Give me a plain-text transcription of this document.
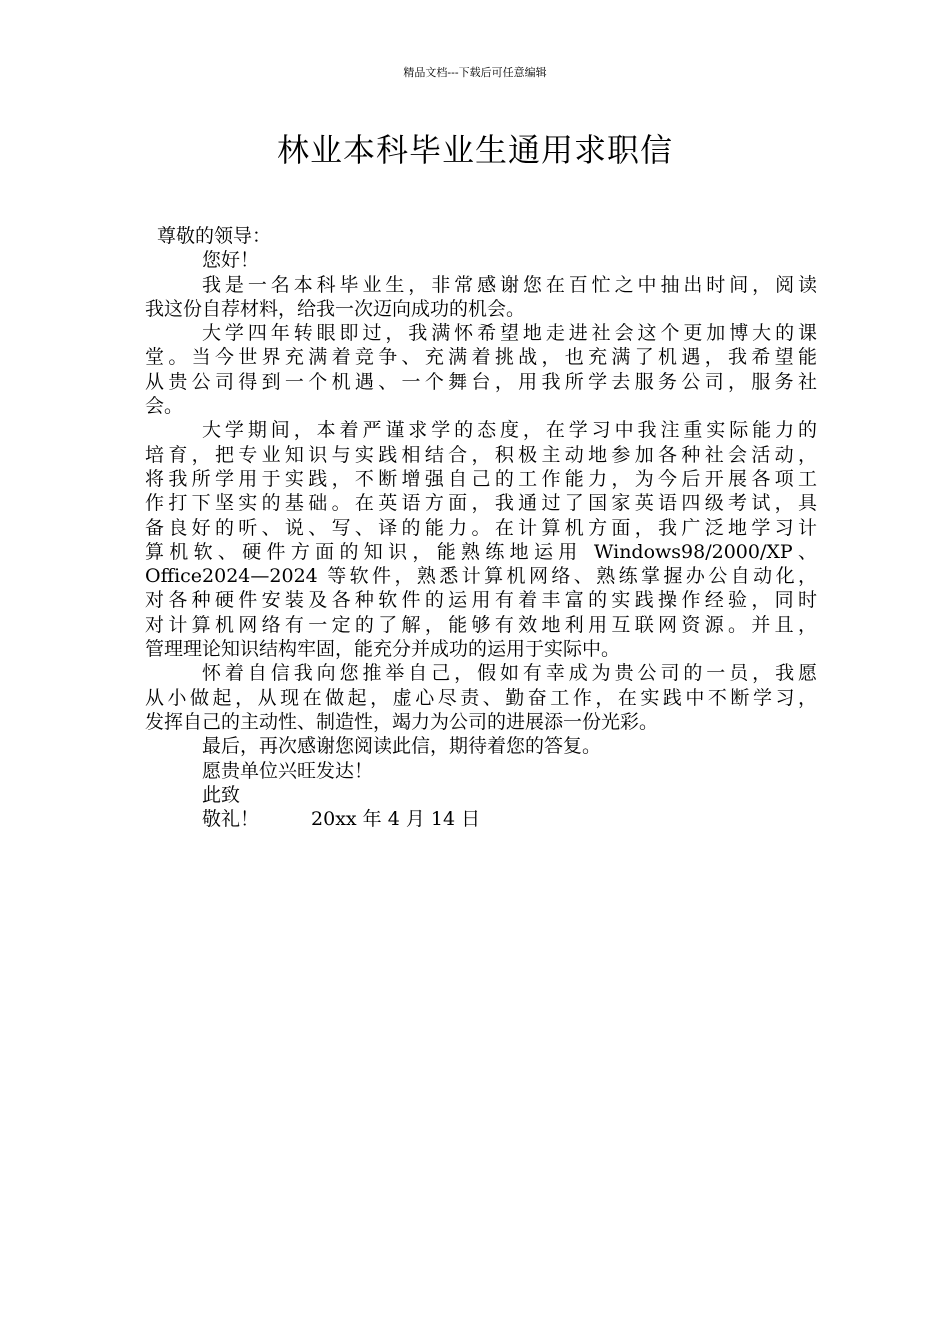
精品文档---下载后可任意编辑
林业本科毕业生通用求职信
尊敬的领导：
您好！
我是一名本科毕业生，非常感谢您在百忙之中抽出时间，阅读
我这份自荐材料，给我一次迈向成功的机会。
大学四年转眼即过，我满怀希望地走进社会这个更加博大的课
堂。当今世界充满着竞争、充满着挑战，也充满了机遇，我希望能
从贵公司得到一个机遇、一个舞台，用我所学去服务公司，服务社
会。
大学期间，本着严谨求学的态度，在学习中我注重实际能力的
培育，把专业知识与实践相结合，积极主动地参加各种社会活动，
将我所学用于实践，不断增强自己的工作能力，为今后开展各项工
作打下坚实的基础。在英语方面，我通过了国家英语四级考试，具
备良好的听、说、写、译的能力。在计算机方面，我广泛地学习计
算机软、硬件方面的知识，能熟练地运用 Windows98/2000/XP、
Office2024—2024 等软件，熟悉计算机网络、熟练掌握办公自动化，
对各种硬件安装及各种软件的运用有着丰富的实践操作经验，同时
对计算机网络有一定的了解，能够有效地利用互联网资源。并且，
管理理论知识结构牢固，能充分并成功的运用于实际中。
怀着自信我向您推举自己，假如有幸成为贵公司的一员，我愿
从小做起，从现在做起，虚心尽责、勤奋工作，在实践中不断学习，
发挥自己的主动性、制造性，竭力为公司的进展添一份光彩。
最后，再次感谢您阅读此信，期待着您的答复。
愿贵单位兴旺发达！
此致
敬礼！	20xx 年 4 月 14 日
